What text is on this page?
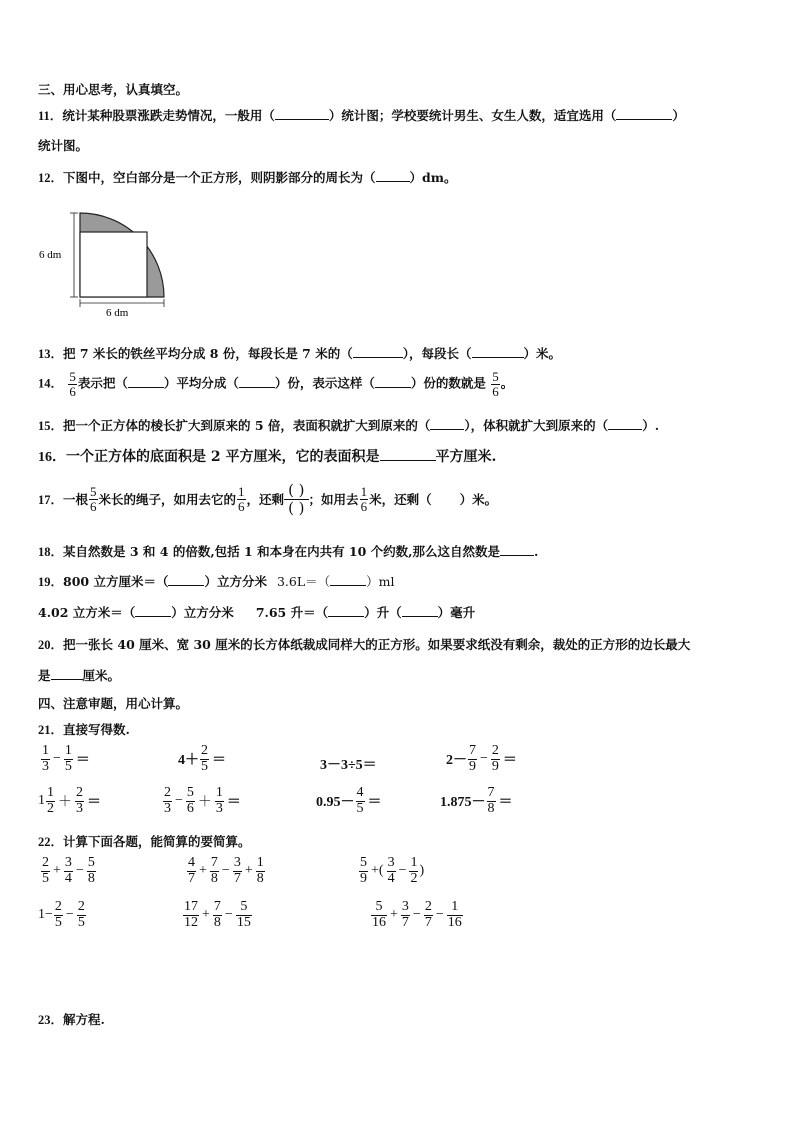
三、用心思考，认真填空。
11．统计某种股票涨跌走势情况，一般用（	）统计图；学校要统计男生、女生人数，适宜选用（	）
统计图。
12．下图中，空白部分是一个正方形，则阴影部分的周长为（	）dm。
6 dm
6 dm
13．把 7 米长的铁丝平均分成 8 份，每段长是 7 米的（	），每段长（	）米。
14． $\frac{5}{6}$ 表示把（	）平均分成（	）份，表示这样（	）份的数就是 $\frac{5}{6}$ 。
15．把一个正方体的棱长扩大到原来的 5 倍，表面积就扩大到原来的（	），体积就扩大到原来的（	）.
16．一个正方体的底面积是 2 平方厘米，它的表面积是	平方厘米.
17． 一根 $\frac{5}{6}$ 米长的绳子，如用去它的 $\frac{1}{6}$ ，还剩
( )
( ) ；如用去 $\frac{1}{6}$ 米，还剩（ ）米。
18．某自然数是 3 和 4 的倍数,包括 1 和本身在内共有 10 个约数,那么这自然数是	.
19．800 立方厘米＝（	）立方分米 3.6L＝（	）ml
4.02 立方米＝（	）立方分米 7.65 升＝（	）升（	）毫升
20．把一张长 40 厘米、宽 30 厘米的长方体纸裁成同样大的正方形。如果要求纸没有剩余，裁处的正方形的边长最大
是	厘米。
四、注意审题，用心计算。
21．直接写得数.
$\frac{1}{3} - \frac{1}{5}$ ＝	$4+ \frac{2}{5}$ ＝	3－3÷5＝	$2- \frac{7}{9} - \frac{2}{9}$ ＝
$1 \frac{1}{2} + \frac{2}{3}$ ＝	$\frac{2}{3} - \frac{5}{6} + \frac{1}{3}$ ＝	$0.95- \frac{4}{5}$ ＝	$1.875- \frac{7}{8}$ ＝
22．计算下面各题，能简算的要简算。
$\frac{2}{5} + \frac{3}{4} - \frac{5}{8}$	$\frac{4}{7} + \frac{7}{8} - \frac{3}{7} + \frac{1}{8}$	$\frac{5}{9}$ +( $\frac{3}{4} - \frac{1}{2}$ )
$1- \frac{2}{5} - \frac{2}{5}$	$\frac{17}{12} + \frac{7}{8} - \frac{5}{15}$	$\frac{5}{16} + \frac{3}{7} - \frac{2}{7} - \frac{1}{16}$
23．解方程.
